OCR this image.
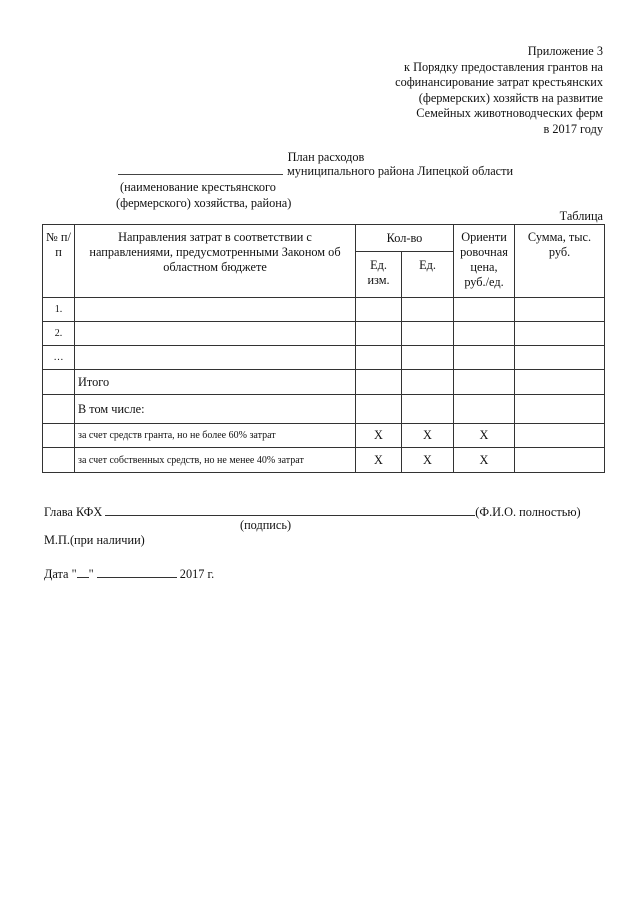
Приложение 3
к Порядку предоставления грантов на
софинансирование затрат крестьянских
(фермерских) хозяйств на развитие
Семейных животноводческих ферм
в 2017 году
План расходов
муниципального района Липецкой области
(наименование крестьянского
(фермерского) хозяйства, района)
Таблица
№ п/п	Направления затрат в соответствии с направлениями, предусмотренными Законом об областном бюджете	Кол-во		Ориенти ровочная цена, руб./ед.	Сумма, тыс. руб.
		Ед. изм.	Ед.		
1.					
2.					
…					
	Итого				
	В том числе:				
	за счет средств гранта, но не более 60% затрат	X	X	X	
	за счет собственных средств, но не менее 40% затрат	X	X	X	
Глава КФХ	(Ф.И.О. полностью)
(подпись)
М.П.(при наличии)
Дата " "	2017 г.
